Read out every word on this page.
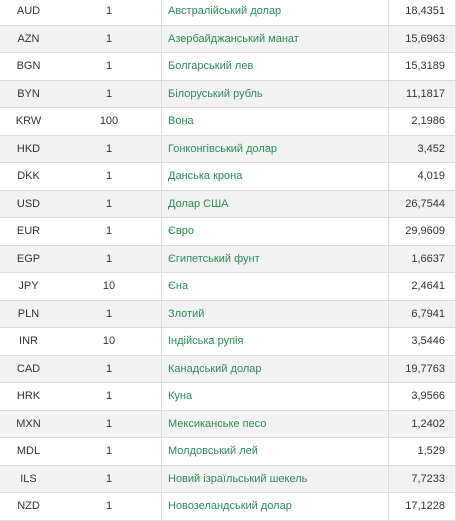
AUD	1	Австралійський долар	18,4351
AZN	1	Азербайджанський манат	15,6963
BGN	1	Болгарський лев	15,3189
BYN	1	Білоруський рубль	11,1817
KRW	100	Вона	2,1986
HKD	1	Гонконгівський долар	3,452
DKK	1	Данська крона	4,019
USD	1	Долар США	26,7544
EUR	1	Євро	29,9609
EGP	1	Єгипетський фунт	1,6637
JPY	10	Єна	2,4641
PLN	1	Злотий	6,7941
INR	10	Індійська рупія	3,5446
CAD	1	Канадський долар	19,7763
HRK	1	Куна	3,9566
MXN	1	Мексиканське песо	1,2402
MDL	1	Молдовський лей	1,529
ILS	1	Новий ізраїльський шекель	7,7233
NZD	1	Новозеландський долар	17,1228
